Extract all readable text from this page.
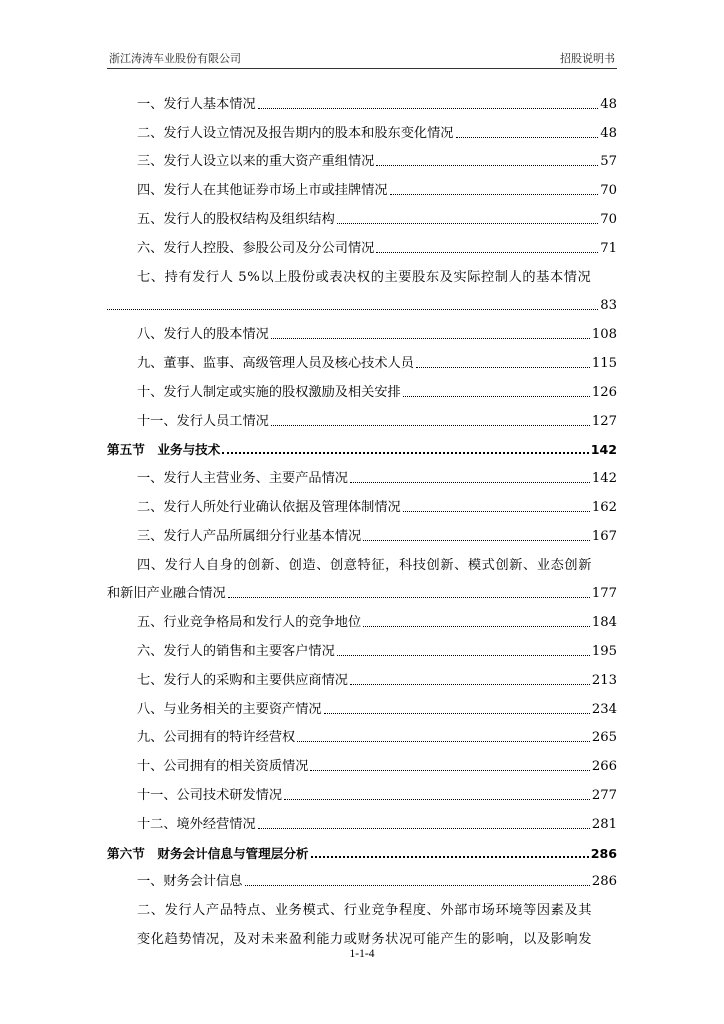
浙江涛涛车业股份有限公司	招股说明书
一、发行人基本情况	48
二、发行人设立情况及报告期内的股本和股东变化情况	48
三、发行人设立以来的重大资产重组情况	57
四、发行人在其他证券市场上市或挂牌情况	70
五、发行人的股权结构及组织结构	70
六、发行人控股、参股公司及分公司情况	71
七、持有发行人 5%以上股份或表决权的主要股东及实际控制人的基本情况
83
八、发行人的股本情况	108
九、董事、监事、高级管理人员及核心技术人员	115
十、发行人制定或实施的股权激励及相关安排	126
十一、发行人员工情况	127
第五节　业务与技术	142
一、发行人主营业务、主要产品情况	142
二、发行人所处行业确认依据及管理体制情况	162
三、发行人产品所属细分行业基本情况	167
四、发行人自身的创新、创造、创意特征，科技创新、模式创新、业态创新
和新旧产业融合情况	177
五、行业竞争格局和发行人的竞争地位	184
六、发行人的销售和主要客户情况	195
七、发行人的采购和主要供应商情况	213
八、与业务相关的主要资产情况	234
九、公司拥有的特许经营权	265
十、公司拥有的相关资质情况	266
十一、公司技术研发情况	277
十二、境外经营情况	281
第六节　财务会计信息与管理层分析	286
一、财务会计信息	286
二、发行人产品特点、业务模式、行业竞争程度、外部市场环境等因素及其
变化趋势情况，及对未来盈利能力或财务状况可能产生的影响，以及影响发
1-1-4
